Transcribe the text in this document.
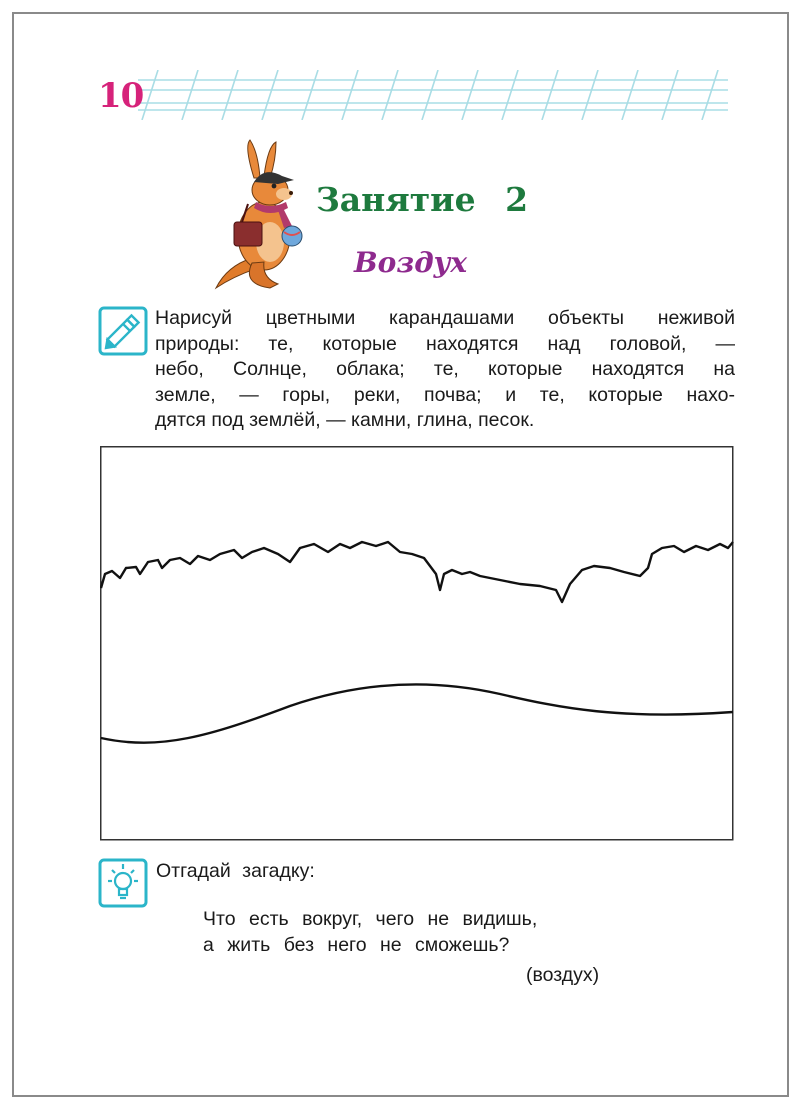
10
Занятие 2
Воздух
Нарисуй цветными карандашами объекты неживой
природы: те, которые находятся над головой, —
небо, Солнце, облака; те, которые находятся на
земле, — горы, реки, почва; и те, которые нахо-
дятся под землёй, — камни, глина, песок.
Отгадай загадку:
Что есть вокруг, чего не видишь,
а жить без него не сможешь?
(воздух)
